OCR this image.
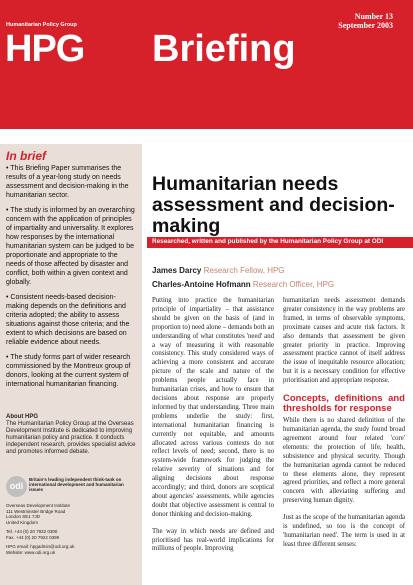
Humanitarian Policy Group
HPG Briefing
Number 13
September 2003
In brief

• This Briefing Paper summarises the results of a year-long study on needs assessment and decision-making in the humanitarian sector.

• The study is informed by an overarching concern with the application of principles of impartiality and universality. It explores how responses by the international humanitarian system can be judged to be proportionate and appropriate to the needs of those affected by disaster and conflict, both within a given context and globally.

• Consistent needs-based decision-making depends on the definitions and criteria adopted; the ability to assess situations against those criteria; and the extent to which decisions are based on reliable evidence about needs.

• The study forms part of wider research commissioned by the Montreux group of donors, looking at the current system of international humanitarian financing.

About HPG
The Humanitarian Policy Group at the Overseas Development Institute is dedicated to improving humanitarian policy and practice. It conducts independent research, provides specialist advice and promotes informed debate.
odi
Britain's leading independent think-tank on international development and humanitarian issues
Overseas Development Institute
111 Westminster Bridge Road
London SE1 7JD
United Kingdom
Tel. +44 (0) 20 7922 0300
Fax. +44 (0) 20 7922 0399
HPG email: hpgadmin@odi.org.uk
Website: www.odi.org.uk
Humanitarian needs assessment and decision-making
Researched, written and published by the Humanitarian Policy Group at ODI
James Darcy Research Fellow, HPG
Charles-Antoine Hofmann Research Officer, HPG

Putting into practice the humanitarian principle of impartiality – that assistance should be given on the basis of (and in proportion to) need alone – demands both an understanding of what constitutes 'need' and a way of measuring it with reasonable consistency. This study considered ways of achieving a more consistent and accurate picture of the scale and nature of the problems people actually face in humanitarian crises, and how to ensure that decisions about response are properly informed by that understanding. Three main problems underlie the study: first, international humanitarian financing is currently not equitable, and amounts allocated across various contexts do not reflect levels of need; second, there is no system-wide framework for judging the relative severity of situations and for aligning decisions about response accordingly; and third, donors are sceptical about agencies' assessments, while agencies doubt that objective assessment is central to donor thinking and decision-making.

The way in which needs are defined and prioritised has real-world implications for millions of people. Improving

humanitarian needs assessment demands greater consistency in the way problems are framed, in terms of observable symptoms, proximate causes and acute risk factors. It also demands that assessment be given greater priority in practice. Improving assessment practice cannot of itself address the issue of inequitable resource allocation; but it is a necessary condition for effective prioritisation and appropriate response.

Concepts, definitions and thresholds for response

While there is no shared definition of the humanitarian agenda, the study found broad agreement around four related 'core' elements: the protection of life, health, subsistence and physical security. Though the humanitarian agenda cannot be reduced to these elements alone, they represent agreed priorities, and reflect a more general concern with alleviating suffering and preserving human dignity.

Just as the scope of the humanitarian agenda is undefined, so too is the concept of 'humanitarian need'. The term is used in at least three different senses:
